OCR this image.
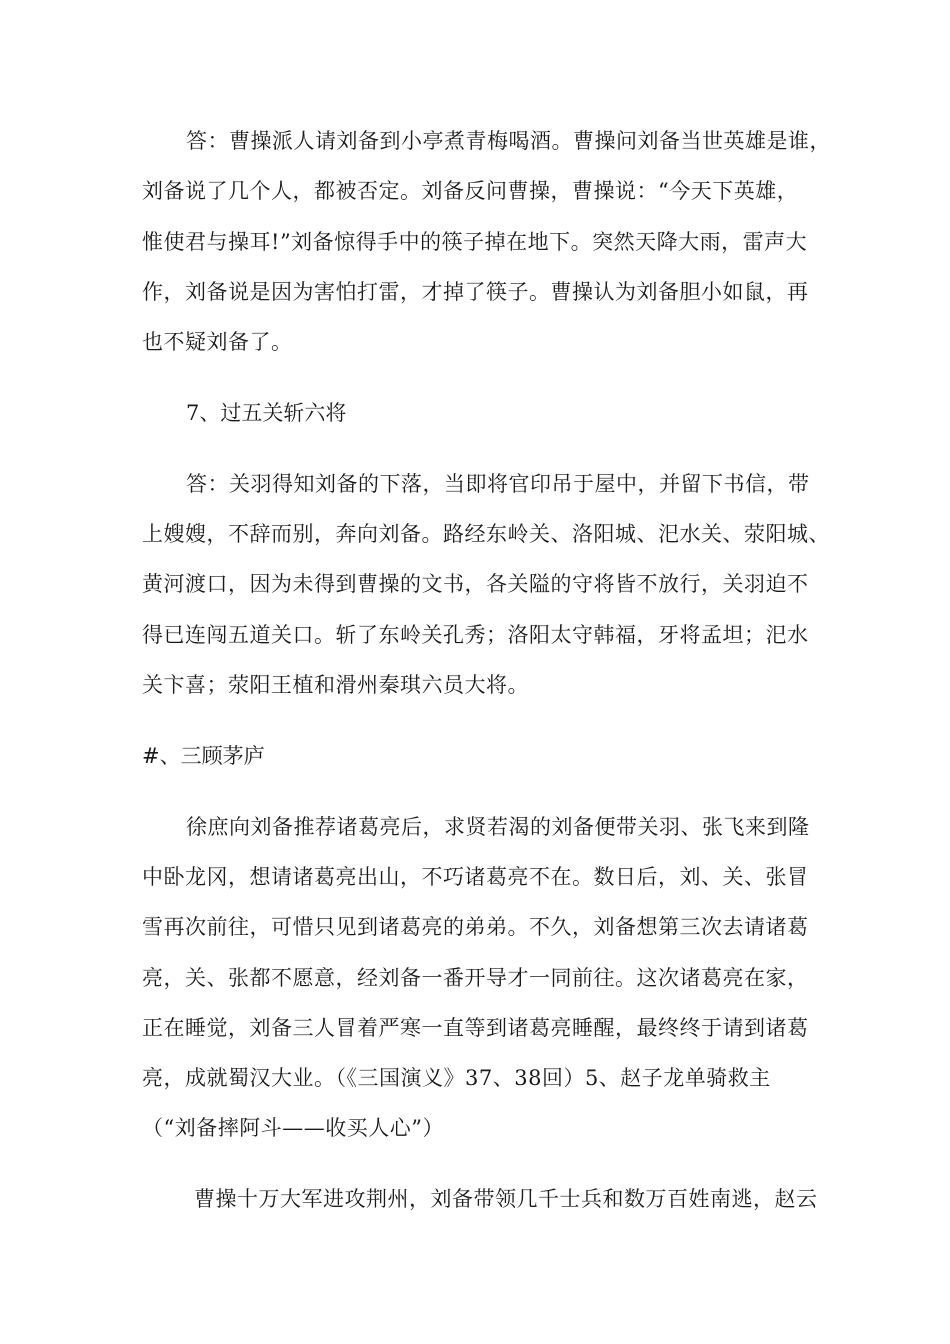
答：曹操派人请刘备到小亭煮青梅喝酒。曹操问刘备当世英雄是谁，
刘备说了几个人，都被否定。刘备反问曹操，曹操说：“今天下英雄，
惟使君与操耳!”刘备惊得手中的筷子掉在地下。突然天降大雨，雷声大
作，刘备说是因为害怕打雷，才掉了筷子。曹操认为刘备胆小如鼠，再
也不疑刘备了。
7、过五关斩六将
答：关羽得知刘备的下落，当即将官印吊于屋中，并留下书信，带
上嫂嫂，不辞而别，奔向刘备。路经东岭关、洛阳城、汜水关、荥阳城、
黄河渡口，因为未得到曹操的文书，各关隘的守将皆不放行，关羽迫不
得已连闯五道关口。斩了东岭关孔秀；洛阳太守韩福，牙将孟坦；汜水
关卞喜；荥阳王植和滑州秦琪六员大将。
#、三顾茅庐
徐庶向刘备推荐诸葛亮后，求贤若渴的刘备便带关羽、张飞来到隆
中卧龙冈，想请诸葛亮出山，不巧诸葛亮不在。数日后，刘、关、张冒
雪再次前往，可惜只见到诸葛亮的弟弟。不久，刘备想第三次去请诸葛
亮，关、张都不愿意，经刘备一番开导才一同前往。这次诸葛亮在家，
正在睡觉，刘备三人冒着严寒一直等到诸葛亮睡醒，最终终于请到诸葛
亮，成就蜀汉大业。（《三国演义》37、38回）5、赵子龙单骑救主
（“刘备摔阿斗——收买人心”）
曹操十万大军进攻荆州，刘备带领几千士兵和数万百姓南逃，赵云
